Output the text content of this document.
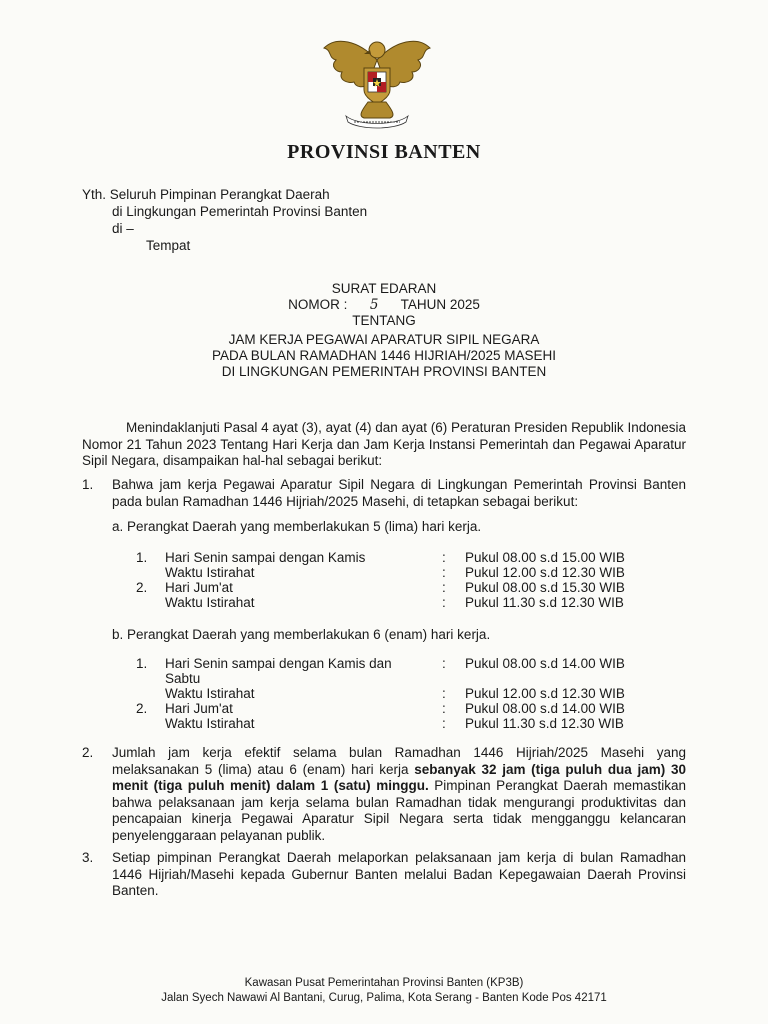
PROVINSI BANTEN
Yth. Seluruh Pimpinan Perangkat Daerah
di Lingkungan Pemerintah Provinsi Banten
di –
Tempat
SURAT EDARAN
NOMOR : 5 TAHUN 2025
TENTANG
JAM KERJA PEGAWAI APARATUR SIPIL NEGARA
PADA BULAN RAMADHAN 1446 HIJRIAH/2025 MASEHI
DI LINGKUNGAN PEMERINTAH PROVINSI BANTEN
Menindaklanjuti Pasal 4 ayat (3), ayat (4) dan ayat (6) Peraturan Presiden Republik Indonesia Nomor 21 Tahun 2023 Tentang Hari Kerja dan Jam Kerja Instansi Pemerintah dan Pegawai Aparatur Sipil Negara, disampaikan hal-hal sebagai berikut:
1. Bahwa jam kerja Pegawai Aparatur Sipil Negara di Lingkungan Pemerintah Provinsi Banten pada bulan Ramadhan 1446 Hijriah/2025 Masehi, di tetapkan sebagai berikut:
a. Perangkat Daerah yang memberlakukan 5 (lima) hari kerja.
1. Hari Senin sampai dengan Kamis	: Pukul 08.00 s.d 15.00 WIB
Waktu Istirahat	: Pukul 12.00 s.d 12.30 WIB
2. Hari Jum'at	: Pukul 08.00 s.d 15.30 WIB
Waktu Istirahat	: Pukul 11.30 s.d 12.30 WIB
b. Perangkat Daerah yang memberlakukan 6 (enam) hari kerja.
1. Hari Senin sampai dengan Kamis dan	: Pukul 08.00 s.d 14.00 WIB
Sabtu
Waktu Istirahat	: Pukul 12.00 s.d 12.30 WIB
2. Hari Jum'at	: Pukul 08.00 s.d 14.00 WIB
Waktu Istirahat	: Pukul 11.30 s.d 12.30 WIB
2. Jumlah jam kerja efektif selama bulan Ramadhan 1446 Hijriah/2025 Masehi yang melaksanakan 5 (lima) atau 6 (enam) hari kerja sebanyak 32 jam (tiga puluh dua jam) 30 menit (tiga puluh menit) dalam 1 (satu) minggu. Pimpinan Perangkat Daerah memastikan bahwa pelaksanaan jam kerja selama bulan Ramadhan tidak mengurangi produktivitas dan pencapaian kinerja Pegawai Aparatur Sipil Negara serta tidak mengganggu kelancaran penyelenggaraan pelayanan publik.
3. Setiap pimpinan Perangkat Daerah melaporkan pelaksanaan jam kerja di bulan Ramadhan 1446 Hijriah/Masehi kepada Gubernur Banten melalui Badan Kepegawaian Daerah Provinsi Banten.
Kawasan Pusat Pemerintahan Provinsi Banten (KP3B)
Jalan Syech Nawawi Al Bantani, Curug, Palima, Kota Serang - Banten Kode Pos 42171
